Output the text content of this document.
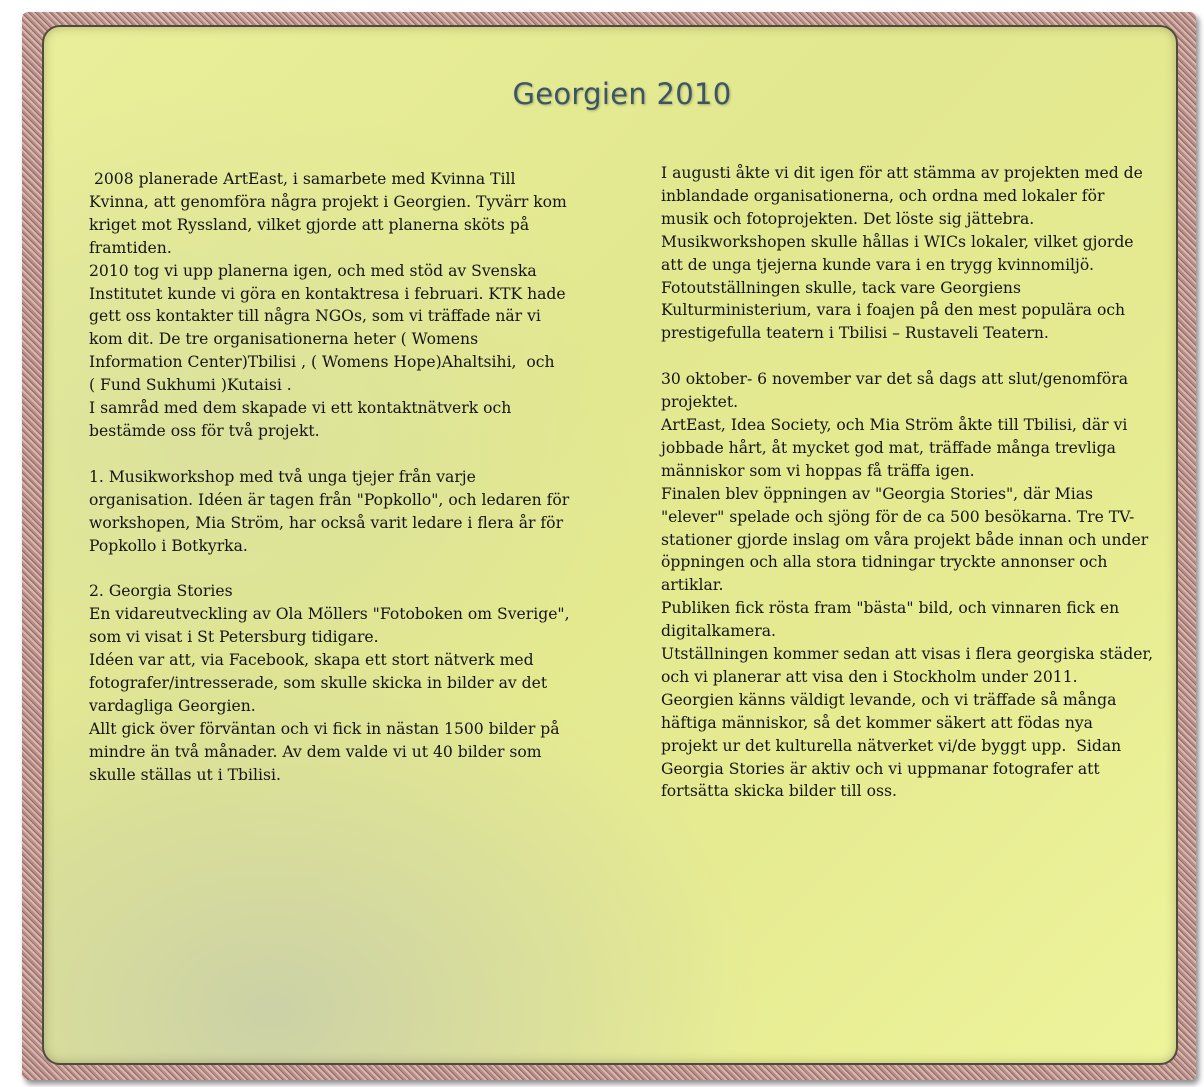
Georgien 2010
2008 planerade ArtEast, i samarbete med Kvinna Till
Kvinna, att genomföra några projekt i Georgien. Tyvärr kom
kriget mot Ryssland, vilket gjorde att planerna sköts på
framtiden.
2010 tog vi upp planerna igen, och med stöd av Svenska
Institutet kunde vi göra en kontaktresa i februari. KTK hade
gett oss kontakter till några NGOs, som vi träffade när vi
kom dit. De tre organisationerna heter ( Womens
Information Center)Tbilisi , ( Womens Hope)Ahaltsihi,  och
( Fund Sukhumi )Kutaisi .
I samråd med dem skapade vi ett kontaktnätverk och
bestämde oss för två projekt.

1. Musikworkshop med två unga tjejer från varje
organisation. Idéen är tagen från "Popkollo", och ledaren för
workshopen, Mia Ström, har också varit ledare i flera år för
Popkollo i Botkyrka.

2. Georgia Stories
En vidareutveckling av Ola Möllers "Fotoboken om Sverige",
som vi visat i St Petersburg tidigare.
Idéen var att, via Facebook, skapa ett stort nätverk med
fotografer/intresserade, som skulle skicka in bilder av det
vardagliga Georgien.
Allt gick över förväntan och vi fick in nästan 1500 bilder på
mindre än två månader. Av dem valde vi ut 40 bilder som
skulle ställas ut i Tbilisi.
I augusti åkte vi dit igen för att stämma av projekten med de
inblandade organisationerna, och ordna med lokaler för
musik och fotoprojekten. Det löste sig jättebra.
Musikworkshopen skulle hållas i WICs lokaler, vilket gjorde
att de unga tjejerna kunde vara i en trygg kvinnomiljö.
Fotoutställningen skulle, tack vare Georgiens
Kulturministerium, vara i foajen på den mest populära och
prestigefulla teatern i Tbilisi – Rustaveli Teatern.

30 oktober- 6 november var det så dags att slut/genomföra
projektet.
ArtEast, Idea Society, och Mia Ström åkte till Tbilisi, där vi
jobbade hårt, åt mycket god mat, träffade många trevliga
människor som vi hoppas få träffa igen.
Finalen blev öppningen av "Georgia Stories", där Mias
"elever" spelade och sjöng för de ca 500 besökarna. Tre TV-
stationer gjorde inslag om våra projekt både innan och under
öppningen och alla stora tidningar tryckte annonser och
artiklar.
Publiken fick rösta fram "bästa" bild, och vinnaren fick en
digitalkamera.
Utställningen kommer sedan att visas i flera georgiska städer,
och vi planerar att visa den i Stockholm under 2011.
Georgien känns väldigt levande, och vi träffade så många
häftiga människor, så det kommer säkert att födas nya
projekt ur det kulturella nätverket vi/de byggt upp.  Sidan
Georgia Stories är aktiv och vi uppmanar fotografer att
fortsätta skicka bilder till oss.
